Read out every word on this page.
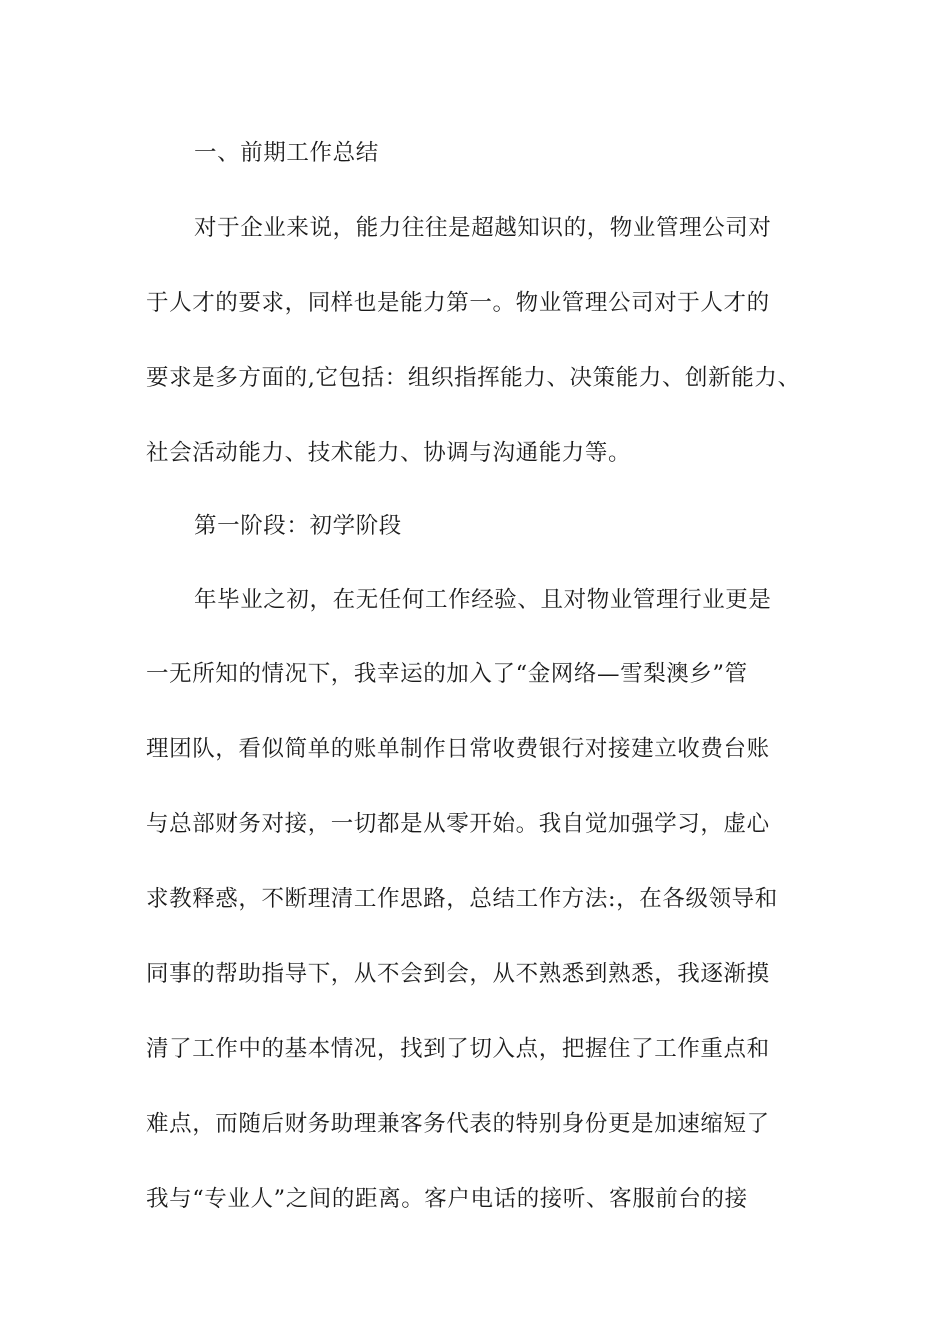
一、前期工作总结
对于企业来说，能力往往是超越知识的，物业管理公司对
于人才的要求，同样也是能力第一。物业管理公司对于人才的
要求是多方面的,它包括：组织指挥能力、决策能力、创新能力、
社会活动能力、技术能力、协调与沟通能力等。
第一阶段：初学阶段
年毕业之初，在无任何工作经验、且对物业管理行业更是
一无所知的情况下，我幸运的加入了“金网络—雪梨澳乡”管
理团队，看似简单的账单制作日常收费银行对接建立收费台账
与总部财务对接，一切都是从零开始。我自觉加强学习，虚心
求教释惑，不断理清工作思路，总结工作方法:，在各级领导和
同事的帮助指导下，从不会到会，从不熟悉到熟悉，我逐渐摸
清了工作中的基本情况，找到了切入点，把握住了工作重点和
难点，而随后财务助理兼客务代表的特别身份更是加速缩短了
我与“专业人”之间的距离。客户电话的接听、客服前台的接
